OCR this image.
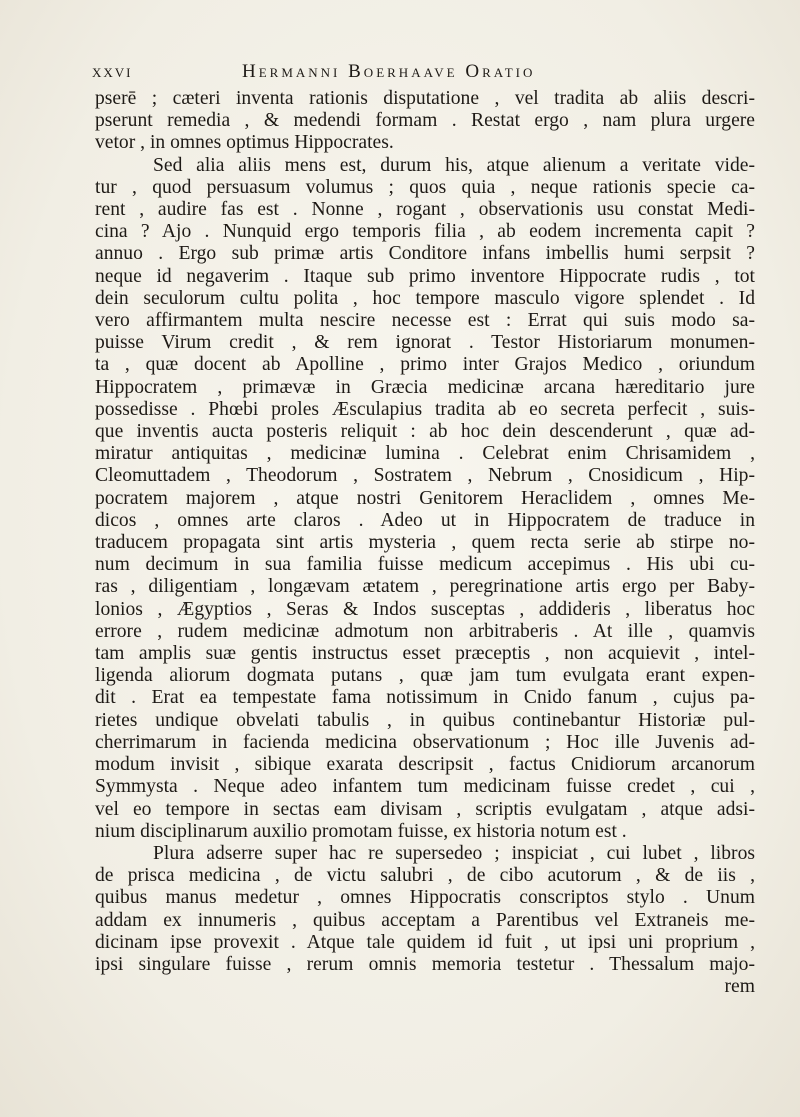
xxvi	Hermanni Boerhaave Oratio
pserē ; cæteri inventa rationis disputatione , vel tradita ab aliis descri-
pserunt remedia , & medendi formam . Restat ergo , nam plura urgere
vetor , in omnes optimus Hippocrates.
Sed alia aliis mens est, durum his, atque alienum a veritate vide-
tur , quod persuasum volumus ; quos quia , neque rationis specie ca-
rent , audire fas est . Nonne , rogant , observationis usu constat Medi-
cina ? Ajo . Nunquid ergo temporis filia , ab eodem incrementa capit ?
annuo . Ergo sub primæ artis Conditore infans imbellis humi serpsit ?
neque id negaverim . Itaque sub primo inventore Hippocrate rudis , tot
dein seculorum cultu polita , hoc tempore masculo vigore splendet . Id
vero affirmantem multa nescire necesse est : Errat qui suis modo sa-
puisse Virum credit , & rem ignorat . Testor Historiarum monumen-
ta , quæ docent ab Apolline , primo inter Grajos Medico , oriundum
Hippocratem , primævæ in Græcia medicinæ arcana hæreditario jure
possedisse . Phœbi proles Æsculapius tradita ab eo secreta perfecit , suis-
que inventis aucta posteris reliquit : ab hoc dein descenderunt , quæ ad-
miratur antiquitas , medicinæ lumina . Celebrat enim Chrisamidem ,
Cleomuttadem , Theodorum , Sostratem , Nebrum , Cnosidicum , Hip-
pocratem majorem , atque nostri Genitorem Heraclidem , omnes Me-
dicos , omnes arte claros . Adeo ut in Hippocratem de traduce in
traducem propagata sint artis mysteria , quem recta serie ab stirpe no-
num decimum in sua familia fuisse medicum accepimus . His ubi cu-
ras , diligentiam , longævam ætatem , peregrinatione artis ergo per Baby-
lonios , Ægyptios , Seras & Indos susceptas , addideris , liberatus hoc
errore , rudem medicinæ admotum non arbitraberis . At ille , quamvis
tam amplis suæ gentis instructus esset præceptis , non acquievit , intel-
ligenda aliorum dogmata putans , quæ jam tum evulgata erant expen-
dit . Erat ea tempestate fama notissimum in Cnido fanum , cujus pa-
rietes undique obvelati tabulis , in quibus continebantur Historiæ pul-
cherrimarum in facienda medicina observationum ; Hoc ille Juvenis ad-
modum invisit , sibique exarata descripsit , factus Cnidiorum arcanorum
Symmysta . Neque adeo infantem tum medicinam fuisse credet , cui ,
vel eo tempore in sectas eam divisam , scriptis evulgatam , atque adsi-
nium disciplinarum auxilio promotam fuisse, ex historia notum est .
Plura adserre super hac re supersedeo ; inspiciat , cui lubet , libros
de prisca medicina , de victu salubri , de cibo acutorum , & de iis ,
quibus manus medetur , omnes Hippocratis conscriptos stylo . Unum
addam ex innumeris , quibus acceptam a Parentibus vel Extraneis me-
dicinam ipse provexit . Atque tale quidem id fuit , ut ipsi uni proprium ,
ipsi singulare fuisse , rerum omnis memoria testetur . Thessalum majo-
rem
